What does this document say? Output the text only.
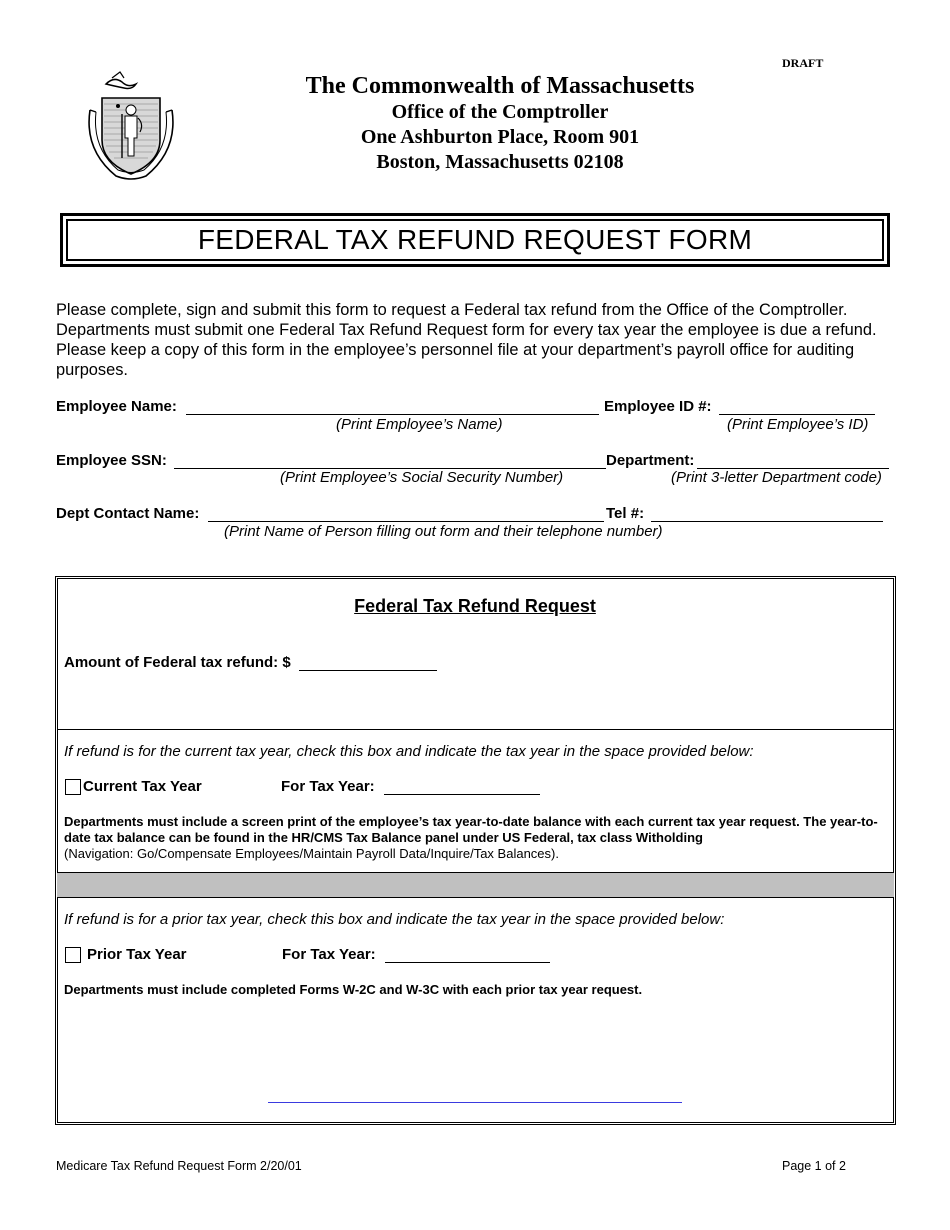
DRAFT
The Commonwealth of Massachusetts
Office of the Comptroller
One Ashburton Place, Room 901
Boston, Massachusetts 02108
FEDERAL TAX REFUND REQUEST FORM
Please complete, sign and submit this form to request a Federal tax refund from the Office of the Comptroller. Departments must submit one Federal Tax Refund Request form for every tax year the employee is due a refund. Please keep a copy of this form in the employee’s personnel file at your department’s payroll office for auditing purposes.
Employee Name:	Employee ID #:
(Print Employee’s Name)	(Print Employee’s ID)
Employee SSN:	Department:
(Print Employee’s Social Security Number)	(Print 3-letter Department code)
Dept Contact Name:	Tel #:
(Print Name of Person filling out form and their telephone number)
Federal Tax Refund Request
Amount of Federal tax refund: $
If refund is for the current tax year, check this box and indicate the tax year in the space provided below:
Current Tax Year	For Tax Year:
Departments must include a screen print of the employee’s tax year-to-date balance with each current tax year request. The year-to-date tax balance can be found in the HR/CMS Tax Balance panel under US Federal, tax class Witholding
(Navigation: Go/Compensate Employees/Maintain Payroll Data/Inquire/Tax Balances).
If refund is for a prior tax year, check this box and indicate the tax year in the space provided below:
Prior Tax Year	For Tax Year:
Departments must include completed Forms W-2C and W-3C with each prior tax year request.
Medicare Tax Refund Request Form 2/20/01	Page 1 of 2
